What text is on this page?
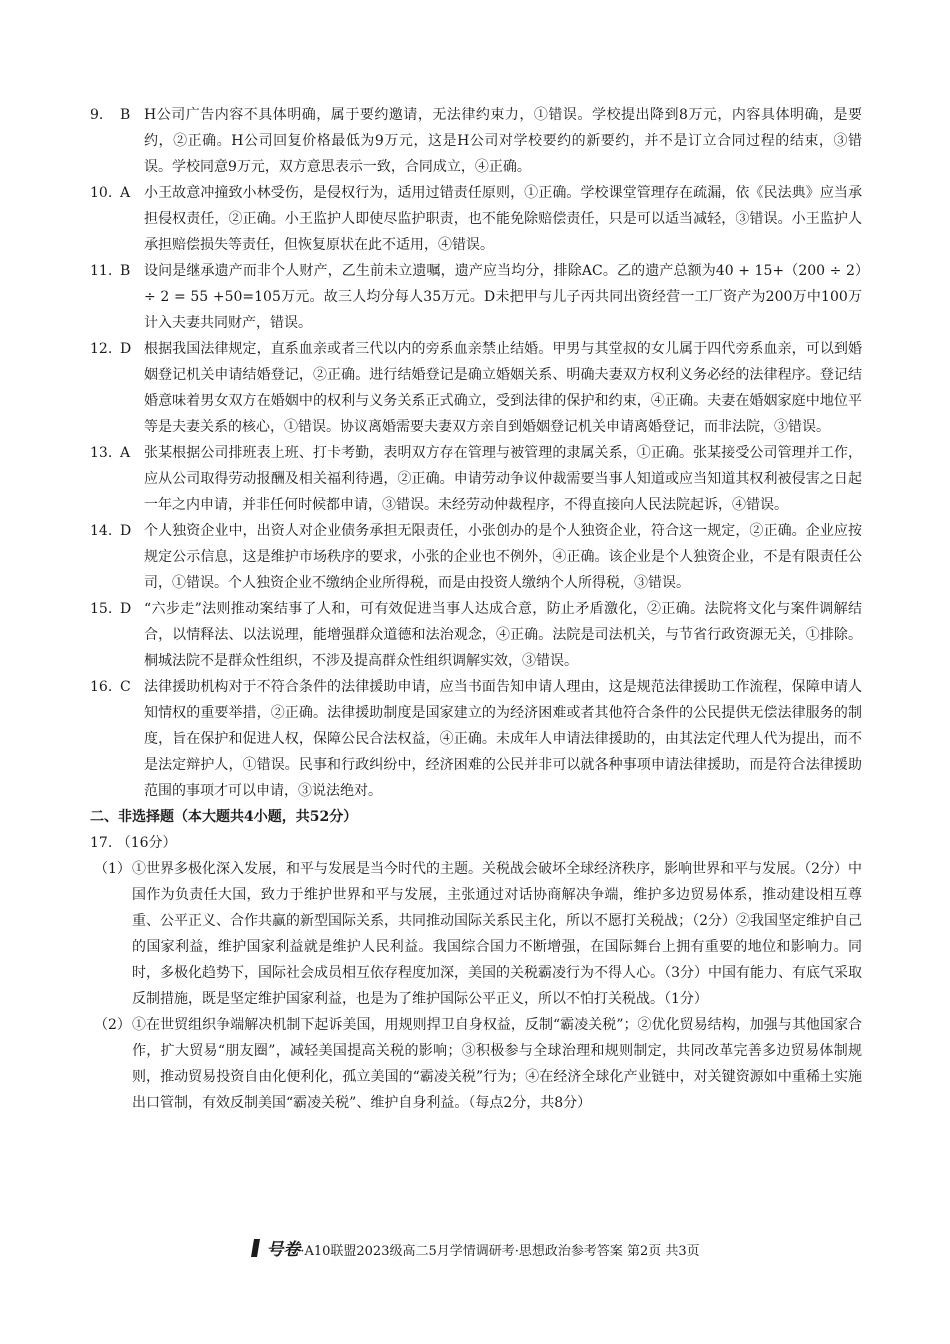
9.	B H公司广告内容不具体明确，属于要约邀请，无法律约束力，①错误。学校提出降到8万元，内容具体明确，是要约，②正确。H公司回复价格最低为9万元，这是H公司对学校要约的新要约，并不是订立合同过程的结束，③错误。学校同意9万元，双方意思表示一致，合同成立，④正确。
10. A 小王故意冲撞致小林受伤，是侵权行为，适用过错责任原则，①正确。学校课堂管理存在疏漏，依《民法典》应当承担侵权责任，②正确。小王监护人即使尽监护职责，也不能免除赔偿责任，只是可以适当减轻，③错误。小王监护人承担赔偿损失等责任，但恢复原状在此不适用，④错误。
11. B 设问是继承遗产而非个人财产，乙生前未立遗嘱，遗产应当均分，排除AC。乙的遗产总额为40 + 15+（200 ÷ 2）÷ 2 = 55 +50=105万元。故三人均分每人35万元。D未把甲与儿子丙共同出资经营一工厂资产为200万中100万计入夫妻共同财产，错误。
12. D 根据我国法律规定，直系血亲或者三代以内的旁系血亲禁止结婚。甲男与其堂叔的女儿属于四代旁系血亲，可以到婚姻登记机关申请结婚登记，②正确。进行结婚登记是确立婚姻关系、明确夫妻双方权利义务必经的法律程序。登记结婚意味着男女双方在婚姻中的权利与义务关系正式确立，受到法律的保护和约束，④正确。夫妻在婚姻家庭中地位平等是夫妻关系的核心，①错误。协议离婚需要夫妻双方亲自到婚姻登记机关申请离婚登记，而非法院，③错误。
13. A 张某根据公司排班表上班、打卡考勤，表明双方存在管理与被管理的隶属关系，①正确。张某接受公司管理并工作，应从公司取得劳动报酬及相关福利待遇，②正确。申请劳动争议仲裁需要当事人知道或应当知道其权利被侵害之日起一年之内申请，并非任何时候都申请，③错误。未经劳动仲裁程序，不得直接向人民法院起诉，④错误。
14. D 个人独资企业中，出资人对企业债务承担无限责任，小张创办的是个人独资企业，符合这一规定，②正确。企业应按规定公示信息，这是维护市场秩序的要求，小张的企业也不例外，④正确。该企业是个人独资企业，不是有限责任公司，①错误。个人独资企业不缴纳企业所得税，而是由投资人缴纳个人所得税，③错误。
15. D “六步走”法则推动案结事了人和，可有效促进当事人达成合意，防止矛盾激化，②正确。法院将文化与案件调解结合，以情释法、以法说理，能增强群众道德和法治观念，④正确。法院是司法机关，与节省行政资源无关，①排除。桐城法院不是群众性组织，不涉及提高群众性组织调解实效，③错误。
16. C 法律援助机构对于不符合条件的法律援助申请，应当书面告知申请人理由，这是规范法律援助工作流程，保障申请人知情权的重要举措，②正确。法律援助制度是国家建立的为经济困难或者其他符合条件的公民提供无偿法律服务的制度，旨在保护和促进人权，保障公民合法权益，④正确。未成年人申请法律援助的，由其法定代理人代为提出，而不是法定辩护人，①错误。民事和行政纠纷中，经济困难的公民并非可以就各种事项申请法律援助，而是符合法律援助范围的事项才可以申请，③说法绝对。
二、非选择题（本大题共4小题，共52分）
17. （16分）
（1） ①世界多极化深入发展，和平与发展是当今时代的主题。关税战会破坏全球经济秩序，影响世界和平与发展。（2分）中国作为负责任大国，致力于维护世界和平与发展，主张通过对话协商解决争端，维护多边贸易体系，推动建设相互尊重、公平正义、合作共赢的新型国际关系，共同推动国际关系民主化，所以不愿打关税战；（2分）②我国坚定维护自己的国家利益，维护国家利益就是维护人民利益。我国综合国力不断增强，在国际舞台上拥有重要的地位和影响力。同时，多极化趋势下，国际社会成员相互依存程度加深，美国的关税霸凌行为不得人心。（3分）中国有能力、有底气采取反制措施，既是坚定维护国家利益，也是为了维护国际公平正义，所以不怕打关税战。（1分）
（2） ①在世贸组织争端解决机制下起诉美国，用规则捍卫自身权益，反制“霸凌关税”；②优化贸易结构，加强与其他国家合作，扩大贸易“朋友圈”，减轻美国提高关税的影响；③积极参与全球治理和规则制定，共同改革完善多边贸易体制规则，推动贸易投资自由化便利化，孤立美国的“霸凌关税”行为；④在经济全球化产业链中，对关键资源如中重稀土实施出口管制，有效反制美国“霸凌关税”、维护自身利益。（每点2分，共8分）
号卷·A10联盟2023级高二5月学情调研考·思想政治参考答案 第2页 共3页
